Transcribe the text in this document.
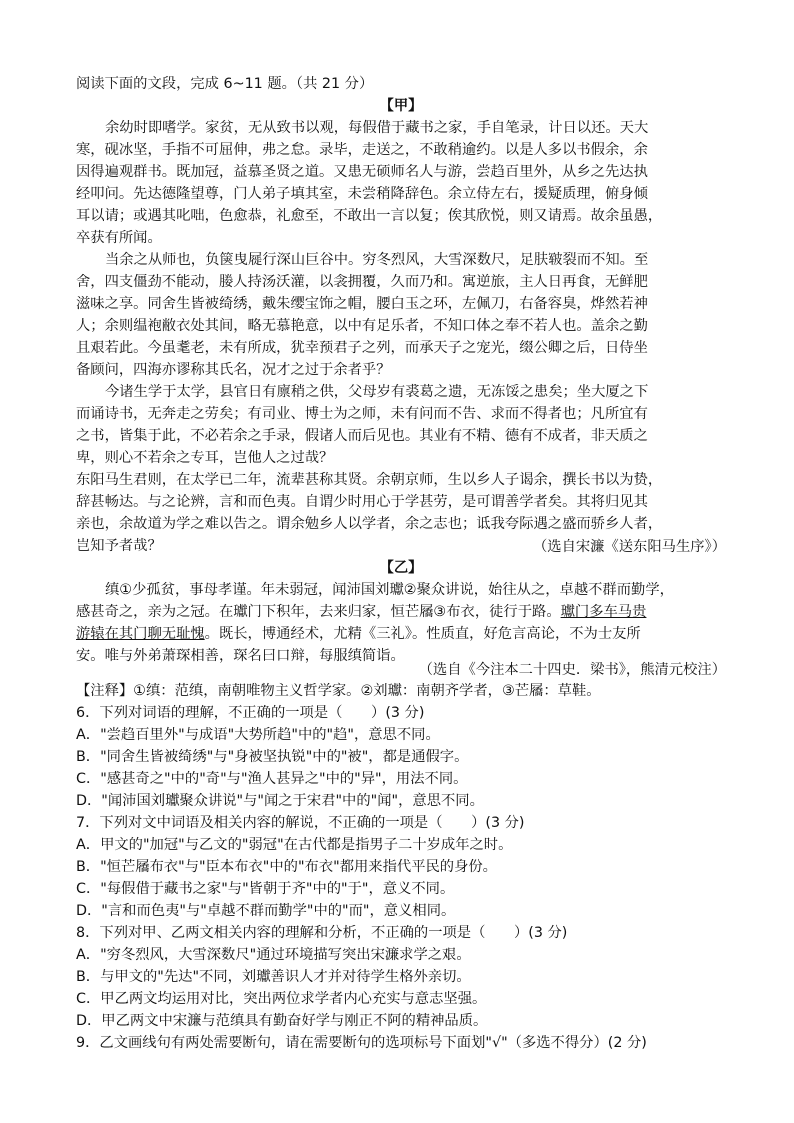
阅读下面的文段，完成 6~11 题。（共 21 分）
【甲】
余幼时即嗜学。家贫，无从致书以观，每假借于藏书之家，手自笔录，计日以还。天大
寒，砚冰坚，手指不可屈伸，弗之怠。录毕，走送之，不敢稍逾约。以是人多以书假余，余
因得遍观群书。既加冠，益慕圣贤之道。又患无硕师名人与游，尝趋百里外，从乡之先达执
经叩问。先达德隆望尊，门人弟子填其室，未尝稍降辞色。余立侍左右，援疑质理，俯身倾
耳以请；或遇其叱咄，色愈恭，礼愈至，不敢出一言以复；俟其欣悦，则又请焉。故余虽愚，
卒获有所闻。
当余之从师也，负箧曳屣行深山巨谷中。穷冬烈风，大雪深数尺，足肤皲裂而不知。至
舍，四支僵劲不能动，媵人持汤沃灌，以衾拥覆，久而乃和。寓逆旅，主人日再食，无鲜肥
滋味之享。同舍生皆被绮绣，戴朱缨宝饰之帽，腰白玉之环，左佩刀，右备容臭，烨然若神
人；余则缊袍敝衣处其间，略无慕艳意，以中有足乐者，不知口体之奉不若人也。盖余之勤
且艰若此。今虽耄老，未有所成，犹幸预君子之列，而承天子之宠光，缀公卿之后，日侍坐
备顾问，四海亦谬称其氏名，况才之过于余者乎？
今诸生学于太学，县官日有廪稍之供，父母岁有裘葛之遗，无冻馁之患矣；坐大厦之下
而诵诗书，无奔走之劳矣；有司业、博士为之师，未有问而不告、求而不得者也；凡所宜有
之书，皆集于此，不必若余之手录，假诸人而后见也。其业有不精、德有不成者，非天质之
卑，则心不若余之专耳，岂他人之过哉？
东阳马生君则，在太学已二年，流辈甚称其贤。余朝京师，生以乡人子谒余，撰长书以为贽，
辞甚畅达。与之论辨，言和而色夷。自谓少时用心于学甚劳，是可谓善学者矣。其将归见其
亲也，余故道为学之难以告之。谓余勉乡人以学者，余之志也；诋我夸际遇之盛而骄乡人者，
岂知予者哉？	（选自宋濂《送东阳马生序》）
【乙】
缜①少孤贫，事母孝谨。年未弱冠，闻沛国刘瓛②聚众讲说，始往从之，卓越不群而勤学，
感甚奇之，亲为之冠。在瓛门下积年，去来归家，恒芒屩③布衣，徒行于路。瓛门多车马贵
游辕在其门聊无耻愧。既长，博通经术，尤精《三礼》。性质直，好危言高论，不为士友所
安。唯与外弟萧琛相善，琛名曰口辩，每服缜简诣。
（选自《今注本二十四史．梁书》，熊清元校注）
【注释】①缜：范缜，南朝唯物主义哲学家。②刘瓛：南朝齐学者，③芒屩：草鞋。
6．下列对词语的理解，不正确的一项是（　　）(3 分)
A．"尝趋百里外"与成语"大势所趋"中的"趋"，意思不同。
B．"同舍生皆被绮绣"与"身被坚执锐"中的"被"，都是通假字。
C．"感甚奇之"中的"奇"与"渔人甚异之"中的"异"，用法不同。
D．"闻沛国刘瓛聚众讲说"与"闻之于宋君"中的"闻"，意思不同。
7．下列对文中词语及相关内容的解说，不正确的一项是（　　）(3 分)
A．甲文的"加冠"与乙文的"弱冠"在古代都是指男子二十岁成年之时。
B．"恒芒屩布衣"与"臣本布衣"中的"布衣"都用来指代平民的身份。
C．"每假借于藏书之家"与"皆朝于齐"中的"于"，意义不同。
D．"言和而色夷"与"卓越不群而勤学"中的"而"，意义相同。
8．下列对甲、乙两文相关内容的理解和分析，不正确的一项是（　　）(3 分)
A．"穷冬烈风，大雪深数尺"通过环境描写突出宋濂求学之艰。
B．与甲文的"先达"不同，刘瓛善识人才并对待学生格外亲切。
C．甲乙两文均运用对比，突出两位求学者内心充实与意志坚强。
D．甲乙两文中宋濂与范缜具有勤奋好学与刚正不阿的精神品质。
9．乙文画线句有两处需要断句，请在需要断句的选项标号下面划"√"（多选不得分）(2 分)
